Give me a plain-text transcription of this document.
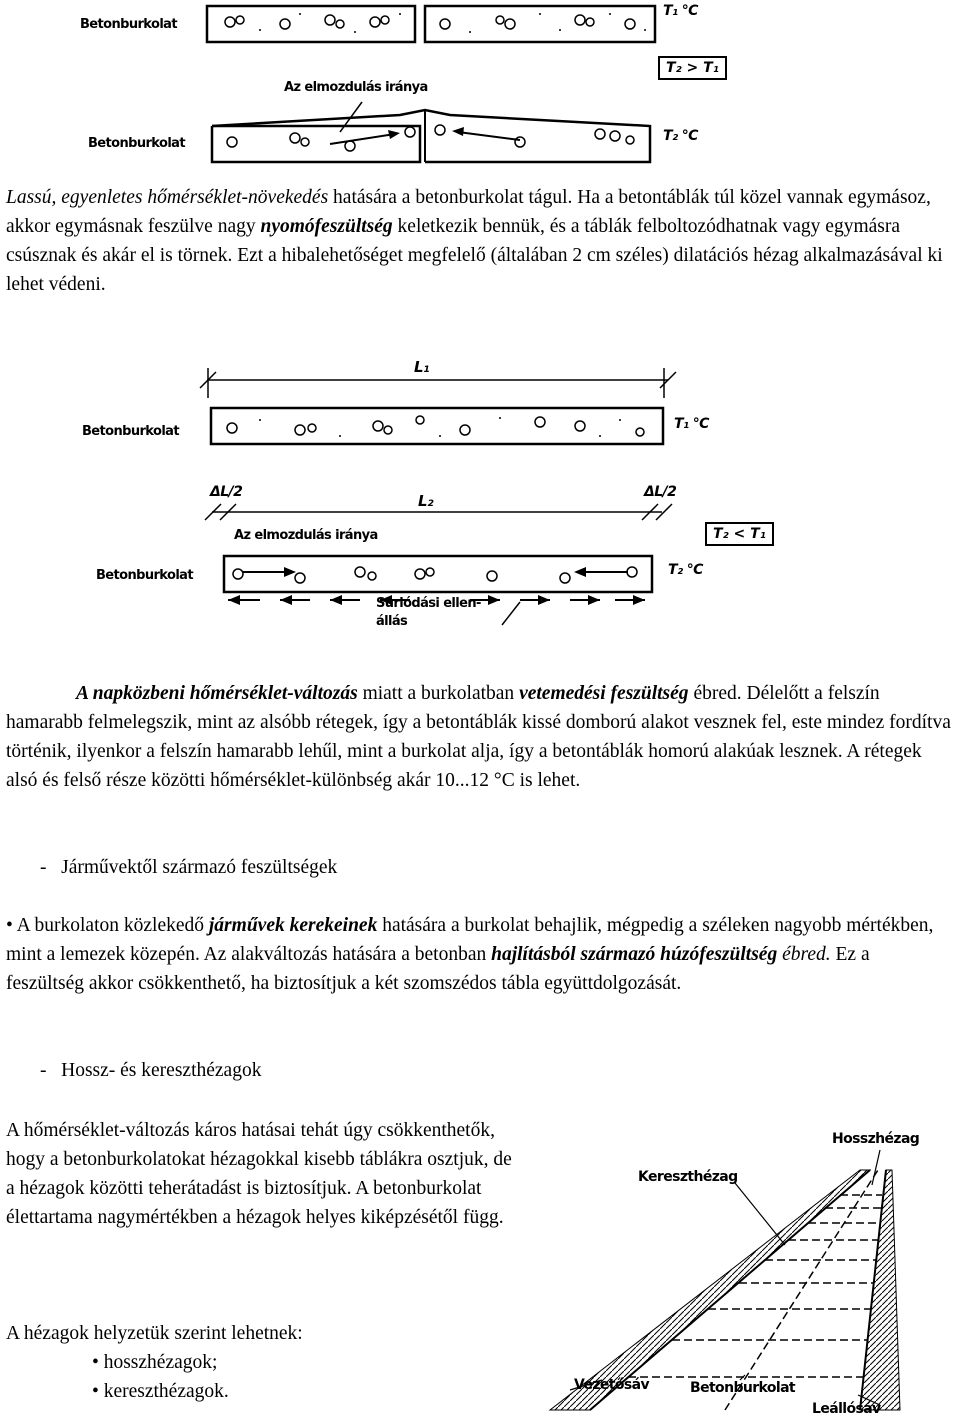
Betonburkolat
T₁ °C
T₂ > T₁
Az elmozdulás iránya
Betonburkolat	T₂ °C
Lassú, egyenletes hőmérséklet-növekedés hatására a betonburkolat tágul. Ha a betontáblák túl közel vannak egymásoz, akkor egymásnak feszülve nagy nyomófeszültség keletkezik bennük, és a táblák felboltozódhatnak vagy egymásra csúsznak és akár el is törnek. Ezt a hibalehetőséget megfelelő (általában 2 cm széles) dilatációs hézag alkalmazásával ki lehet védeni.
L₁
Betonburkolat	T₁ °C
ΔL/2	L₂	ΔL/2
Az elmozdulás iránya	T₂ < T₁
Betonburkolat	T₂ °C
Súrlódási ellen-
állás
A napközbeni hőmérséklet-változás miatt a burkolatban vetemedési feszültség ébred. Délelőtt a felszín hamarabb felmelegszik, mint az alsóbb rétegek, így a betontáblák kissé domború alakot vesznek fel, este mindez fordítva történik, ilyenkor a felszín hamarabb lehűl, mint a burkolat alja, így a betontáblák homorú alakúak lesznek. A rétegek alsó és felső része közötti hőmérséklet-különbség akár 10...12 °C is lehet.
-   Járművektől származó feszültségek
• A burkolaton közlekedő járművek kerekeinek hatására a burkolat behajlik, mégpedig a széleken nagyobb mértékben, mint a lemezek közepén. Az alakváltozás hatására a betonban hajlításból származó húzófeszültség ébred. Ez a feszültség akkor csökkenthető, ha biztosítjuk a két szomszédos tábla együttdolgozását.
-   Hossz- és kereszthézagok
A hőmérséklet-változás káros hatásai tehát úgy csökkenthetők, hogy a betonburkolatokat hézagokkal kisebb táblákra osztjuk, de a hézagok közötti teherátadást is biztosítjuk. A betonburkolat élettartama nagymértékben a hézagok helyes kiképzésétől függ.
A hézagok helyzetük szerint lehetnek:
• hosszhézagok;
• kereszthézagok.
Hosszhézag
Kereszthézag
Vezetősáv	Betonburkolat
Leállósáv
